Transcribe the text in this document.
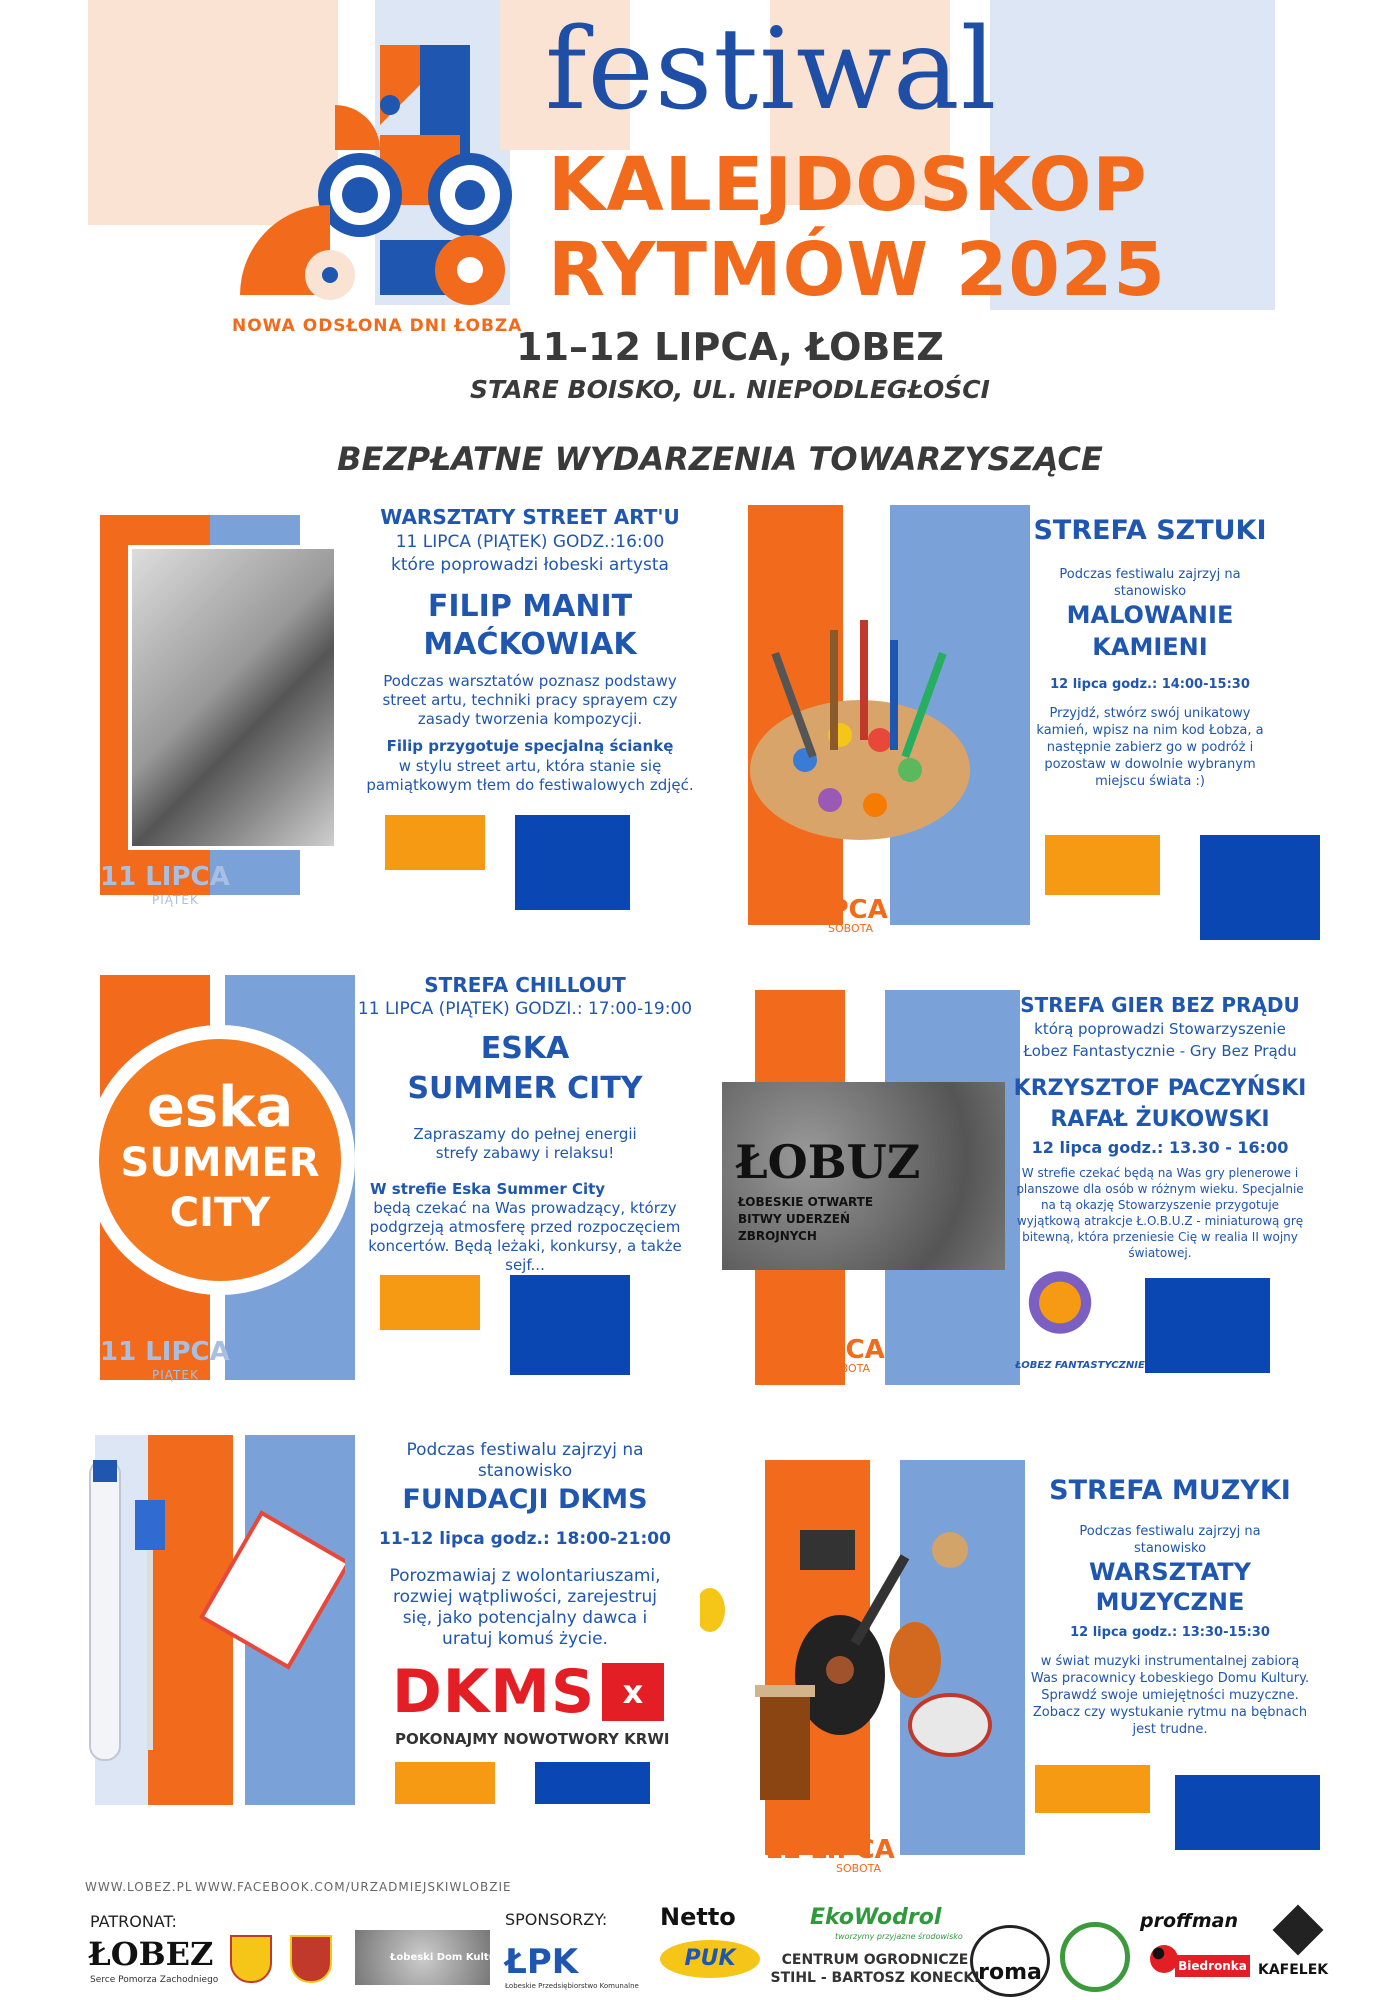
NOWA ODSŁONA DNI ŁOBZA
festiwal
KALEJDOSKOP
RYTMÓW 2025
11–12 LIPCA, ŁOBEZ
STARE BOISKO, UL. NIEPODLEGŁOŚCI
BEZPŁATNE WYDARZENIA TOWARZYSZĄCE
11 LIPCA
PIĄTEK
WARSZTATY STREET ART'U
11 LIPCA (PIĄTEK) GODZ.:16:00
które poprowadzi łobeski artysta
FILIP MANIT
MAĆKOWIAK
Podczas warsztatów poznasz podstawy street artu, techniki pracy sprayem czy zasady tworzenia kompozycji.
Filip przygotuje specjalną ściankę
w stylu street artu, która stanie się pamiątkowym tłem do festiwalowych zdjęć.
12 LIPCA
SOBOTA
STREFA SZTUKI
Podczas festiwalu zajrzyj na stanowisko
MALOWANIE
KAMIENI
12 lipca godz.: 14:00-15:30
Przyjdź, stwórz swój unikatowy kamień, wpisz na nim kod Łobza, a następnie zabierz go w podróż i pozostaw w dowolnie wybranym miejscu świata :)
eska
SUMMER
CITY
11 LIPCA
PIĄTEK
STREFA CHILLOUT
11 LIPCA (PIĄTEK) GODZI.: 17:00-19:00
ESKA
SUMMER CITY
Zapraszamy do pełnej energii strefy zabawy i relaksu!
W strefie Eska Summer City
będą czekać na Was prowadzący, którzy podgrzeją atmosferę przed rozpoczęciem koncertów. Będą leżaki, konkursy, a także sejf...
ŁOBUZ
ŁOBESKIE OTWARTE
BITWY UDERZEŃ
ZBROJNYCH
12 LIPCA
SOBOTA
STREFA GIER BEZ PRĄDU
którą poprowadzi Stowarzyszenie
Łobez Fantastycznie - Gry Bez Prądu
KRZYSZTOF PACZYŃSKI
RAFAŁ ŻUKOWSKI
12 lipca godz.: 13.30 - 16:00
W strefie czekać będą na Was gry plenerowe i planszowe dla osób w różnym wieku. Specjalnie na tą okazję Stowarzyszenie przygotuje wyjątkową atrakcje Ł.O.B.U.Z - miniaturową grę bitewną, która przeniesie Cię w realia II wojny światowej.
ŁOBEZ FANTASTYCZNIE
Podczas festiwalu zajrzyj na stanowisko
FUNDACJI DKMS
11-12 lipca godz.: 18:00-21:00
Porozmawiaj z wolontariuszami, rozwiej wątpliwości, zarejestruj się, jako potencjalny dawca i uratuj komuś życie.
DKMS x
POKONAJMY NOWOTWORY KRWI
12 LIPCA
SOBOTA
STREFA MUZYKI
Podczas festiwalu zajrzyj na stanowisko
WARSZTATY
MUZYCZNE
12 lipca godz.: 13:30-15:30
w świat muzyki instrumentalnej zabiorą Was pracownicy Łobeskiego Domu Kultury. Sprawdź swoje umiejętności muzyczne. Zobacz czy wystukanie rytmu na bębnach jest trudne.
WWW.LOBEZ.PL WWW.FACEBOOK.COM/URZADMIEJSKIWLOBZIE
PATRONAT:	SPONSORZY:
ŁOBEZ
Serce Pomorza Zachodniego
Łobeski Dom Kultury
ŁPK
Łobeskie Przedsiębiorstwo Komunalne
Netto
PUK
EkoWodrol
tworzymy przyjazne środowisko
CENTRUM OGRODNICZE
STIHL - BARTOSZ KONECKI
roma
proffman
Biedronka KAFELEK
